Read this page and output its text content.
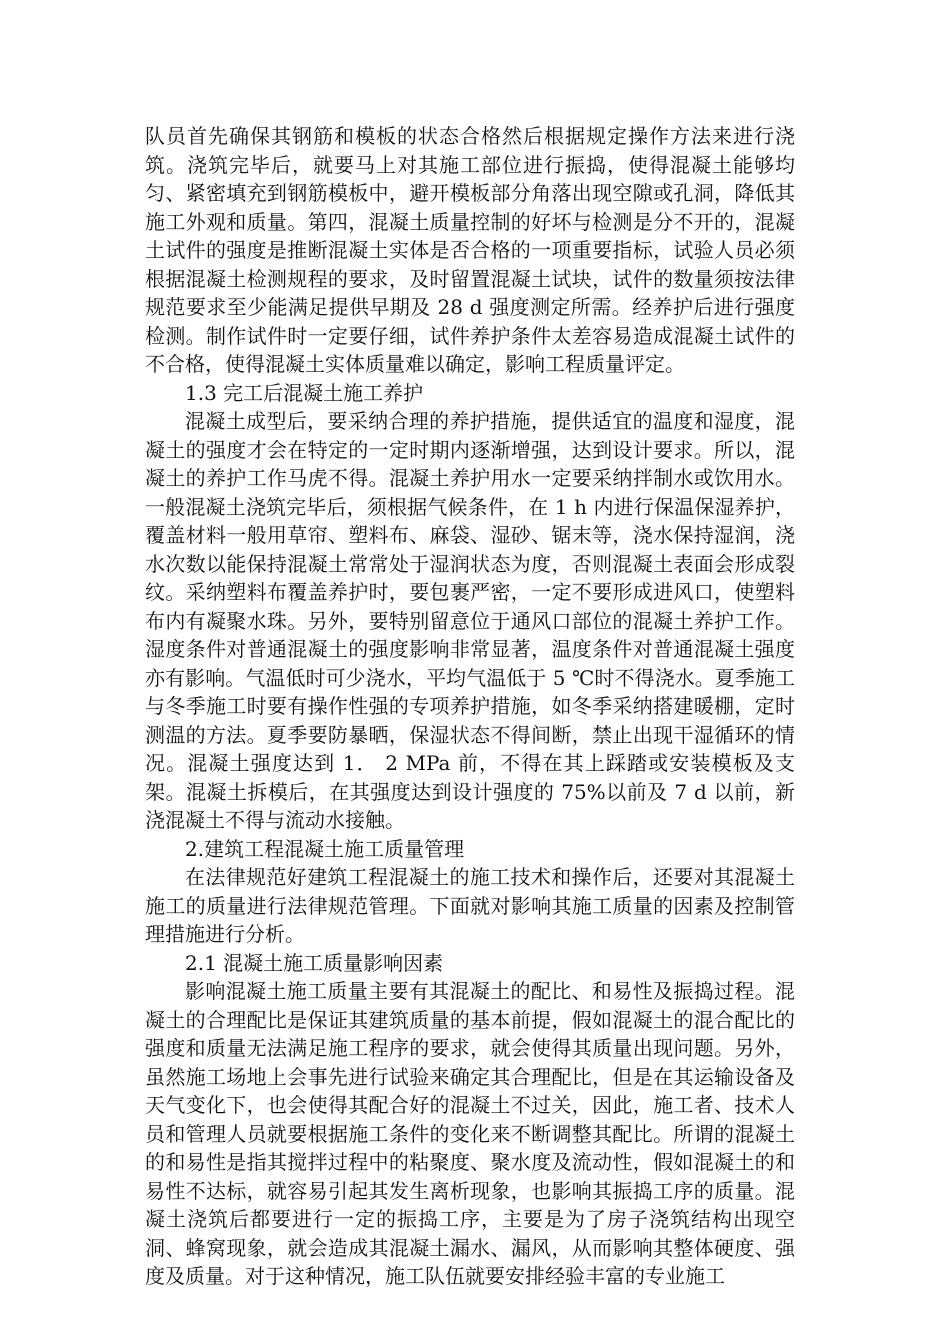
队员首先确保其钢筋和模板的状态合格然后根据规定操作方法来进行浇筑。浇筑完毕后，就要马上对其施工部位进行振捣，使得混凝土能够均匀、紧密填充到钢筋模板中，避开模板部分角落出现空隙或孔洞，降低其施工外观和质量。第四，混凝土质量控制的好坏与检测是分不开的，混凝土试件的强度是推断混凝土实体是否合格的一项重要指标，试验人员必须根据混凝土检测规程的要求，及时留置混凝土试块，试件的数量须按法律规范要求至少能满足提供早期及 28 d 强度测定所需。经养护后进行强度检测。制作试件时一定要仔细，试件养护条件太差容易造成混凝土试件的不合格，使得混凝土实体质量难以确定，影响工程质量评定。

1.3 完工后混凝土施工养护

混凝土成型后，要采纳合理的养护措施，提供适宜的温度和湿度，混凝土的强度才会在特定的一定时期内逐渐增强，达到设计要求。所以，混凝土的养护工作马虎不得。混凝土养护用水一定要采纳拌制水或饮用水。一般混凝土浇筑完毕后，须根据气候条件，在 1 h 内进行保温保湿养护，覆盖材料一般用草帘、塑料布、麻袋、湿砂、锯末等，浇水保持湿润，浇水次数以能保持混凝土常常处于湿润状态为度，否则混凝土表面会形成裂纹。采纳塑料布覆盖养护时，要包裹严密，一定不要形成进风口，使塑料布内有凝聚水珠。另外，要特别留意位于通风口部位的混凝土养护工作。湿度条件对普通混凝土的强度影响非常显著，温度条件对普通混凝土强度亦有影响。气温低时可少浇水，平均气温低于 5 ℃时不得浇水。夏季施工与冬季施工时要有操作性强的专项养护措施，如冬季采纳搭建暖棚，定时测温的方法。夏季要防暴晒，保湿状态不得间断，禁止出现干湿循环的情况。混凝土强度达到 1． 2 MPa 前，不得在其上踩踏或安装模板及支架。混凝土拆模后，在其强度达到设计强度的 75%以前及 7 d 以前，新浇混凝土不得与流动水接触。

2.建筑工程混凝土施工质量管理

在法律规范好建筑工程混凝土的施工技术和操作后，还要对其混凝土施工的质量进行法律规范管理。下面就对影响其施工质量的因素及控制管理措施进行分析。

2.1 混凝土施工质量影响因素

影响混凝土施工质量主要有其混凝土的配比、和易性及振捣过程。混凝土的合理配比是保证其建筑质量的基本前提，假如混凝土的混合配比的强度和质量无法满足施工程序的要求，就会使得其质量出现问题。另外，虽然施工场地上会事先进行试验来确定其合理配比，但是在其运输设备及天气变化下，也会使得其配合好的混凝土不过关，因此，施工者、技术人员和管理人员就要根据施工条件的变化来不断调整其配比。所谓的混凝土的和易性是指其搅拌过程中的粘聚度、聚水度及流动性，假如混凝土的和易性不达标，就容易引起其发生离析现象，也影响其振捣工序的质量。混凝土浇筑后都要进行一定的振捣工序，主要是为了房子浇筑结构出现空洞、蜂窝现象，就会造成其混凝土漏水、漏风，从而影响其整体硬度、强度及质量。对于这种情况，施工队伍就要安排经验丰富的专业施工
